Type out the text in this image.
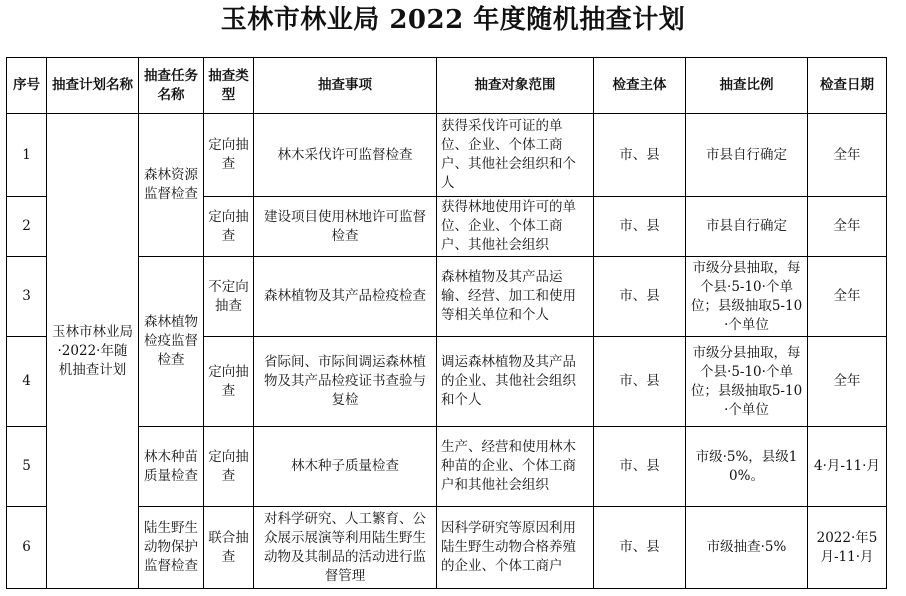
玉林市林业局 2022 年度随机抽查计划
序号	抽查计划名称	抽查任务名称	抽查类型	抽查事项	抽查对象范围	检查主体	抽查比例	检查日期
1	玉林市林业局·2022·年随机抽查计划	森林资源监督检查	定向抽查	林木采伐许可监督检查	获得采伐许可证的单位、企业、个体工商户、其他社会组织和个人	市、县	市县自行确定	全年
2			定向抽查	建设项目使用林地许可监督检查	获得林地使用许可的单位、企业、个体工商户、其他社会组织	市、县	市县自行确定	全年
3		森林植物检疫监督检查	不定向抽查	森林植物及其产品检疫检查	森林植物及其产品运输、经营、加工和使用等相关单位和个人	市、县	市级分县抽取，每个县·5-10·个单位；县级抽取5-10·个单位	全年
4			定向抽查	省际间、市际间调运森林植物及其产品检疫证书查验与复检	调运森林植物及其产品的企业、其他社会组织和个人	市、县	市级分县抽取，每个县·5-10·个单位；县级抽取5-10·个单位	全年
5		林木种苗质量检查	定向抽查	林木种子质量检查	生产、经营和使用林木种苗的企业、个体工商户和其他社会组织	市、县	市级·5%，县级10%。	4·月-11·月
6		陆生野生动物保护监督检查	联合抽查	对科学研究、人工繁育、公众展示展演等利用陆生野生动物及其制品的活动进行监督管理	因科学研究等原因利用陆生野生动物合格养殖的企业、个体工商户	市、县	市级抽查·5%	2022·年5月-11·月
